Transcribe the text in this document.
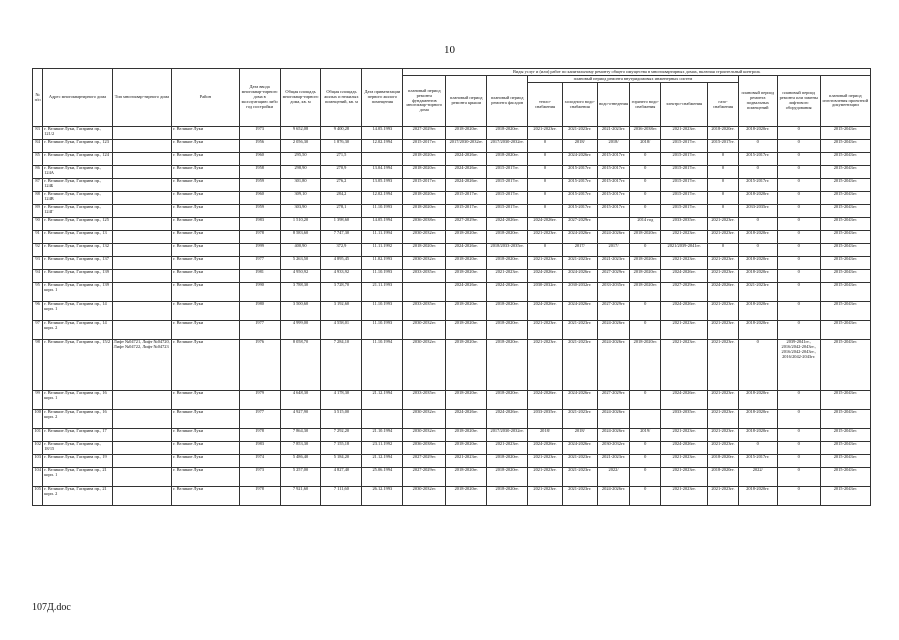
10
№ п/п	Адрес многоквартирного дома	Тип многоквар-тирного дома	Район	Дата ввода многоквар-тирного дома в эксплуатацию либо год постройки	Общая площадь многоквар-тирного дома, кв. м	Общая площадь жилых и нежилых помещений, кв. м	Дата приватизации первого жилого помещения	Виды услуг и (или) работ по капитальному ремонту общего имущества в многоквартирных домах, включая строительный контроль											
								плановый период ремонта фундаментов многоквар-тирного дома	плановый период ремонта крыши	плановый период ремонта фасадов	плановый период ремонта внутридомовых инженерных систем						плановый период ремонта подвальных помещений	плановый период ремонта или замены лифтового оборудования	плановый период изготовления проектной документации
											тепло-снабжения	холодного водо-снабжения	водо-отведения	горячего водо-снабжения	электро-снабжения	газо-снабжения			
83	г. Великие Луки, Гагарина пр., 121/2		г. Великие Луки	1973	9 652,08	9 400,28	14.05.1993	2027-2029гг.	2018-2020гг.	2018-2020гг.	2021-2023гг.	2021-2023гг.	2021-2023гг.	2036-2038гг.	2021-2023гг.	2018-2020гг.	2018-2020гг.	0	2015-2043гг.
84	г. Великие Луки, Гагарина пр., 123		г. Великие Луки	1956	2 056,30	1 876,30	12.02.1994	2015-2017гг.	2017/2030-2032гг.	2017/2030-2032гг.	0	2018/	2018/	2018/	2015-2017гг.	2015-2017гг.	0	0	2015-2043гг.
85	г. Великие Луки, Гагарина пр., 124		г. Великие Луки	1960	295,50	271,5		2018-2020гг.	2024-2026гг.	2018-2020гг.	0	2024-2026гг.	2015-2017гг.	0	2015-2017гг.	0	2015-2017гг.	0	2015-2043гг.
86	г. Великие Луки, Гагарина пр., 124А		г. Великие Луки	1958	298,90	270,9	13.04.1994	2018-2020гг.	2024-2026гг.	2015-2017гг.	0	2015-2017гг.	2015-2017гг.	0	2015-2017гг.	0	0	0	2015-2043гг.
87	г. Великие Луки, Гагарина пр., 124Б		г. Великие Луки	1959	301,80	276,2	13.05.1993	2015-2017гг.	2024-2026гг.	2015-2017гг.	0	2015-2017гг.	2015-2017гг.	0	2015-2017гг.	0	2015-2017гг.	0	2015-2043гг.
88	г. Великие Луки, Гагарина пр., 124В		г. Великие Луки	1960	309,10	284,2	12.02.1994	2018-2020гг.	2015-2017гг.	2015-2017гг.	0	2015-2017гг.	2015-2017гг.	0	2015-2017гг.	0	2018-2020гг.	0	2015-2043гг.
89	г. Великие Луки, Гагарина пр., 124Г		г. Великие Луки	1959	303,90	278,1	11.10.1993	2018-2020гг.	2015-2017гг.	2015-2017гг.	0	2015-2017гг.	2015-2017гг.	0	2015-2017гг.	0	2033-2035гг.	0	2015-2043гг.
90	г. Великие Луки, Гагарина пр., 125		г. Великие Луки	1983	1 510,20	1 398,60	14.05.1994	2036-2038гг.	2027-2029гг.	2024-2026гг.	2024-2026гг.	2027-2029гг.		2014 год	2033-2035гг.	2021-2023гг.	0	0	2015-2043гг.
91	г. Великие Луки, Гагарина пр., 13		г. Великие Луки	1978	8 583,60	7 747,30	11.11.1994	2030-2032гг.	2018-2020гг.	2018-2020гг.	2021-2023гг.	2024-2026гг.	2024-2026гг.	2018-2020гг.	2021-2023гг.	2021-2023гг.	2018-2020гг.	0	2015-2043гг.
92	г. Великие Луки, Гагарина пр., 132		г. Великие Луки	1999	400,90	372,9	11.11.1992	2018-2020гг.	2024-2026гг.	2018/2033-2035гг.	0	2017/	2017/	0	2021/2039-2041гг.	0	0	0	2015-2043гг.
93	г. Великие Луки, Гагарина пр., 137		г. Великие Луки	1977	5 263,50	4 895,45	11.02.1993	2030-2032гг.	2018-2020гг.	2018-2020гг.	2021-2023гг.	2021-2023гг.	2021-2023гг.	2018-2020гг.	2021-2023гг.	2021-2023гг.	2018-2020гг.	0	2015-2043гг.
94	г. Великие Луки, Гагарина пр., 139		г. Великие Луки	1981	4 950,92	4 933,92	11.10.1993	2033-2035гг.	2018-2020гг.	2021-2023гг.	2024-2026гг.	2024-2026гг.	2027-2029гг.	2018-2020гг.	2024-2026гг.	2021-2023гг.	2018-2020гг.	0	2015-2043гг.
95	г. Великие Луки, Гагарина пр., 139 корп. 1		г. Великие Луки	1990	3 788,30	3 728,70	21.11.1993		2024-2026гг.	2024-2026гг.	2030-2032гг.	2030-2032гг.	2033-2035гг.	2018-2020гг.	2027-2029гг.	2024-2026гг.	2021-2023гг.	0	2015-2043гг.
96	г. Великие Луки, Гагарина пр., 14 корп. 1		г. Великие Луки	1980	3 500,60	3 192,60	11.10.1993	2033-2035гг.	2018-2020гг.	2018-2020гг.	2024-2026гг.	2024-2026гг.	2027-2029гг.	0	2024-2026гг.	2021-2023гг.	2018-2020гг.	0	2015-2043гг.
97	г. Великие Луки, Гагарина пр., 14 корп. 2		г. Великие Луки	1977	4 999,00	4 558,01	11.10.1993	2030-2032гг.	2018-2020гг.	2018-2020гг.	2021-2023гг.	2021-2023гг.	2024-2026гг.	0	2021-2023гг.	2021-2023гг.	2018-2020гг.	0	2015-2043гг.
98	г. Великие Луки, Гагарина пр., 15/2	Лифт №04721, Лифт №04720, Лифт №04722, Лифт №04723	г. Великие Луки	1976	8 058,70	7 284,10	11.10.1994	2030-2032гг.	2018-2020гг.	2018-2020гг.	2021-2023гг.	2021-2023гг.	2024-2026гг.	2018-2020гг.	2021-2023гг.	2021-2023гг.	0	2039-2041гг., 2016/2042-2043гг., 2016/2042-2043гг., 2016/2042-2043гг.	2015-2043гг.
99	г. Великие Луки, Гагарина пр., 16 корп. 1		г. Великие Луки	1979	4 648,30	4 178,30	21.12.1994	2033-2035гг.	2018-2020гг.	2018-2020гг.	2024-2026гг.	2024-2026гг.	2027-2029гг.	0	2024-2026гг.	2021-2023гг.	2018-2020гг.	0	2015-2043гг.
100	г. Великие Луки, Гагарина пр., 16 корп. 2		г. Великие Луки	1977	4 927,90	3 515,00		2030-2032гг.	2024-2026гг.	2024-2026гг.	2033-2035гг.	2021-2023гг.	2024-2026гг.		2033-2035гг.	2021-2023гг.	2018-2020гг.	0	2015-2043гг.
101	г. Великие Луки, Гагарина пр., 17		г. Великие Луки	1978	7 864,30	7 292,20	21.10.1994	2030-2032гг.	2018-2020гг.	2017/2030-2032гг.	2018/	2018/	2024-2026гг.	2019/	2021-2023гг.	2021-2023гг.	2018-2020гг.	0	2015-2043гг.
102	г. Великие Луки, Гагарина пр., 18/15		г. Великие Луки	1983	7 853,30	7 155,18	23.11.1992	2036-2038гг.	2018-2020гг.	2021-2023гг.	2024-2026гг.	2024-2026гг.	2030-2032гг.	0	2024-2026гг.	2021-2023гг.	0	0	2015-2043гг.
103	г. Великие Луки, Гагарина пр., 19		г. Великие Луки	1974	5 486,40	5 184,20	21.12.1994	2027-2029гг.	2021-2023гг.	2018-2020гг.	2021-2023гг.	2021-2023гг.	2021-2023гг.	0	2021-2023гг.	2018-2020гг.	2015-2017гг.	0	2015-2043гг.
104	г. Великие Луки, Гагарина пр., 21 корп. 1		г. Великие Луки	1973	5 257,00	4 827,40	25.06.1994	2027-2029гг.	2018-2020гг.	2018-2020гг.	2021-2023гг.	2021-2023гг.	2022/	0	2021-2023гг.	2018-2020гг.	2022/	0	2015-2043гг.
105	г. Великие Луки, Гагарина пр., 21 корп. 2		г. Великие Луки	1978	7 921,60	7 111,60	26.12.1993	2030-2032гг.	2018-2020гг.	2018-2020гг.	2021-2023гг.	2021-2023гг.	2024-2026гг.	0	2021-2023гг.	2021-2023гг.	2018-2020гг.	0	2015-2043гг.
107Д.doc
